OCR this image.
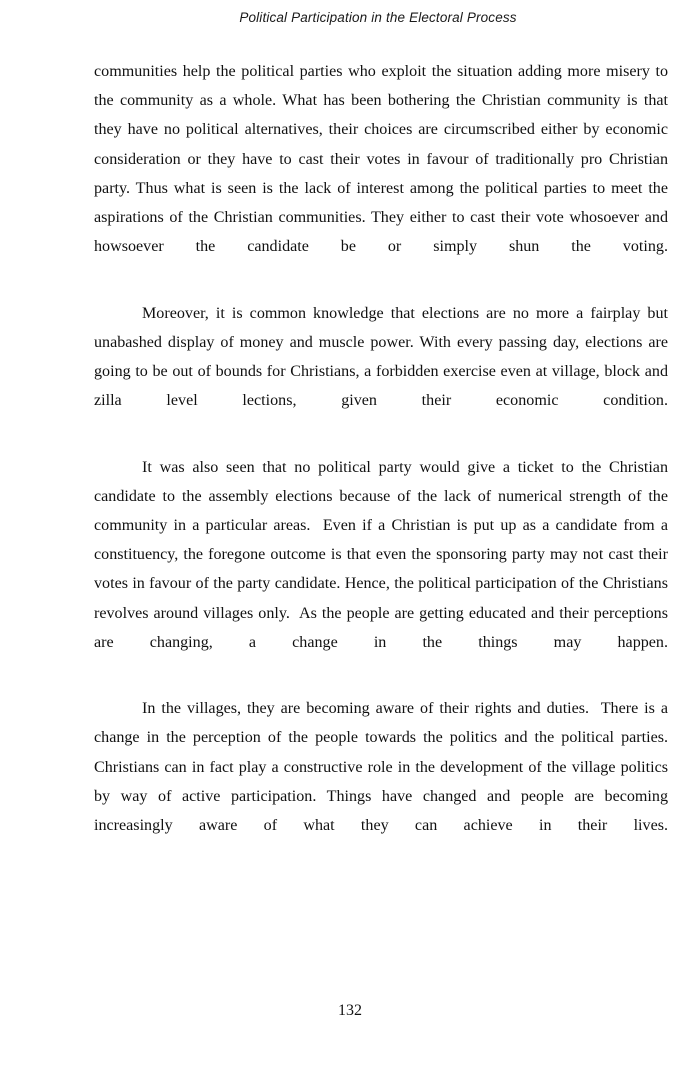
Political Participation in the Electoral Process

communities help the political parties who exploit the situation adding more misery to the community as a whole. What has been bothering the Christian community is that they have no political alternatives, their choices are circumscribed either by economic consideration or they have to cast their votes in favour of traditionally pro Christian party. Thus what is seen is the lack of interest among the political parties to meet the aspirations of the Christian communities. They either to cast their vote whosoever and howsoever the candidate be or simply shun the voting.

Moreover, it is common knowledge that elections are no more a fairplay but unabashed display of money and muscle power. With every passing day, elections are going to be out of bounds for Christians, a forbidden exercise even at village, block and zilla level lections, given their economic condition.

It was also seen that no political party would give a ticket to the Christian candidate to the assembly elections because of the lack of numerical strength of the community in a particular areas.  Even if a Christian is put up as a candidate from a constituency, the foregone outcome is that even the sponsoring party may not cast their votes in favour of the party candidate. Hence, the political participation of the Christians revolves around villages only.  As the people are getting educated and their perceptions are changing, a change in the things may happen.

In the villages, they are becoming aware of their rights and duties.  There is a change in the perception of the people towards the politics and the political parties. Christians can in fact play a constructive role in the development of the village politics by way of active participation. Things have changed and people are becoming increasingly aware of what they can achieve in their lives.

132
